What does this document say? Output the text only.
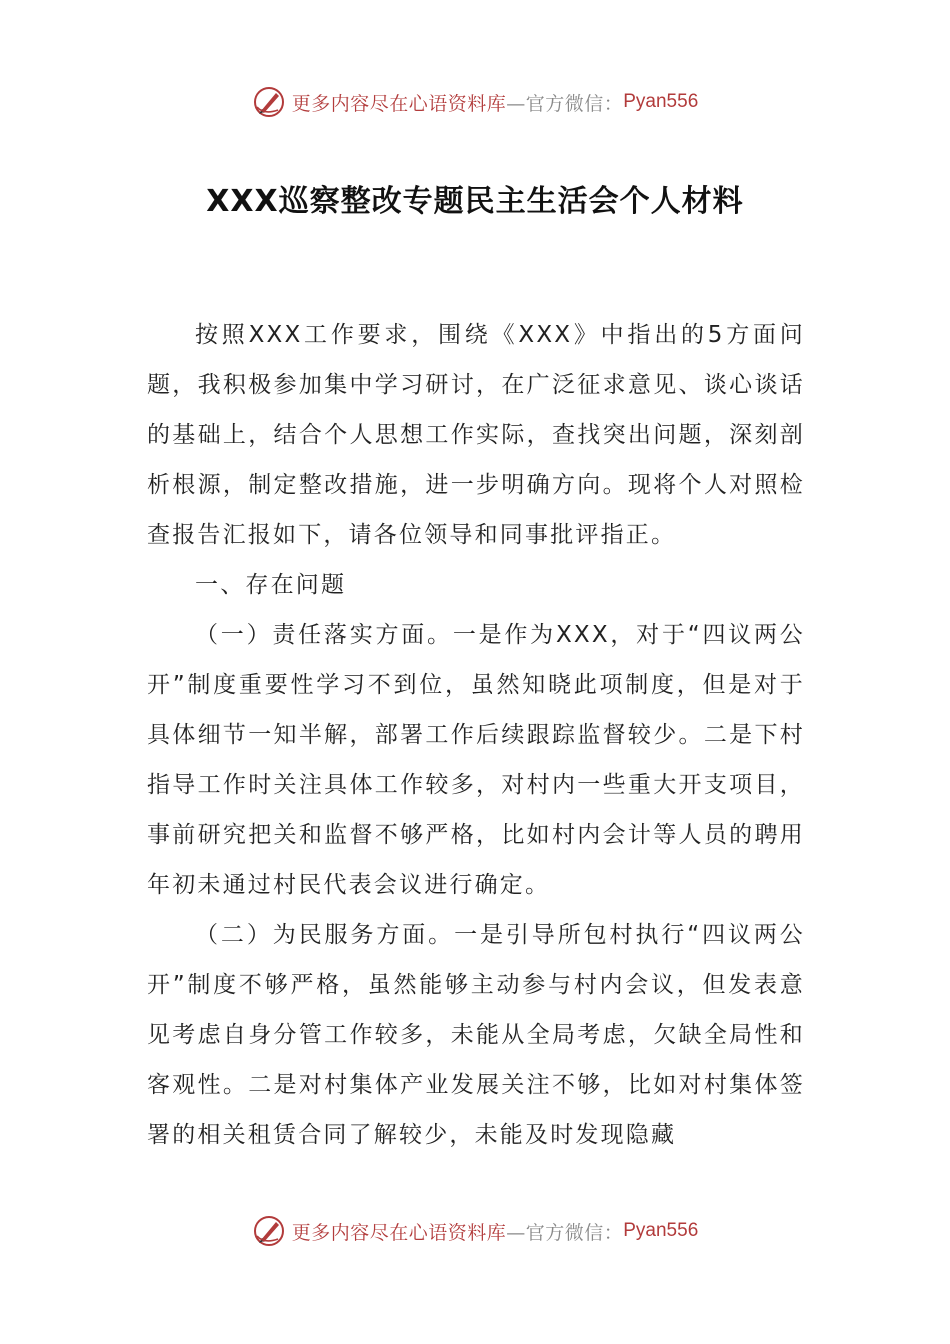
更多内容尽在心语资料库 —官方微信： Pyan556
XXX巡察整改专题民主生活会个人材料

按照XXX工作要求，围绕《XXX》中指出的5方面问题，我积极参加集中学习研讨，在广泛征求意见、谈心谈话的基础上，结合个人思想工作实际，查找突出问题，深刻剖析根源，制定整改措施，进一步明确方向。现将个人对照检查报告汇报如下，请各位领导和同事批评指正。

一、存在问题

（一）责任落实方面。一是作为XXX，对于“四议两公开”制度重要性学习不到位，虽然知晓此项制度，但是对于具体细节一知半解，部署工作后续跟踪监督较少。二是下村指导工作时关注具体工作较多，对村内一些重大开支项目，事前研究把关和监督不够严格，比如村内会计等人员的聘用年初未通过村民代表会议进行确定。

（二）为民服务方面。一是引导所包村执行“四议两公开”制度不够严格，虽然能够主动参与村内会议，但发表意见考虑自身分管工作较多，未能从全局考虑，欠缺全局性和客观性。二是对村集体产业发展关注不够，比如对村集体签署的相关租赁合同了解较少，未能及时发现隐藏

更多内容尽在心语资料库 —官方微信： Pyan556
